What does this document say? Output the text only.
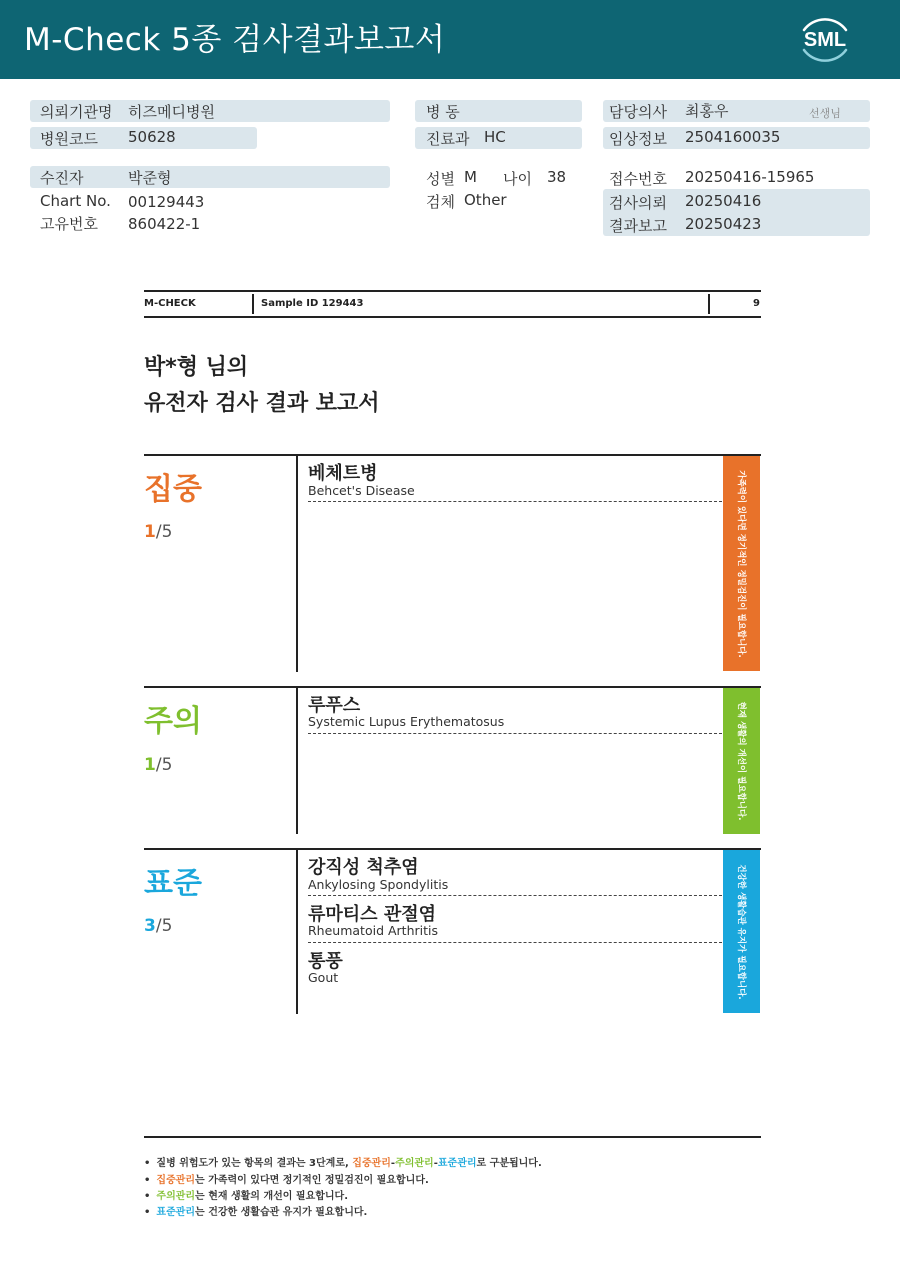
M-Check 5종 검사결과보고서	SML
의뢰기관명 히즈메디병원
병원코드 50628
수진자	박준형
Chart No. 00129443
고유번호 860422-1
병 동
진료과 HC
성별 M 나이 38
검체 Other
담당의사 최홍우	선생님
임상정보 2504160035
접수번호 20250416-15965
검사의뢰 20250416
결과보고 20250423
M-CHECK	Sample ID 129443	9
박*형 님의
유전자 검사 결과 보고서
집중
1/5	가족력이 있다면 정기적인 정밀검진이 필요합니다.
베체트병
Behcet's Disease
주의
1/5	현재 생활의 개선이 필요합니다.
루푸스
Systemic Lupus Erythematosus
표준
3/5	건강한 생활습관 유지가 필요합니다.
강직성 척추염
Ankylosing Spondylitis
류마티스 관절염
Rheumatoid Arthritis
통풍
Gout
• 질병 위험도가 있는 항목의 결과는 3단계로, 집중관리-주의관리-표준관리로 구분됩니다.
• 집중관리는 가족력이 있다면 정기적인 정밀검진이 필요합니다.
• 주의관리는 현재 생활의 개선이 필요합니다.
• 표준관리는 건강한 생활습관 유지가 필요합니다.
